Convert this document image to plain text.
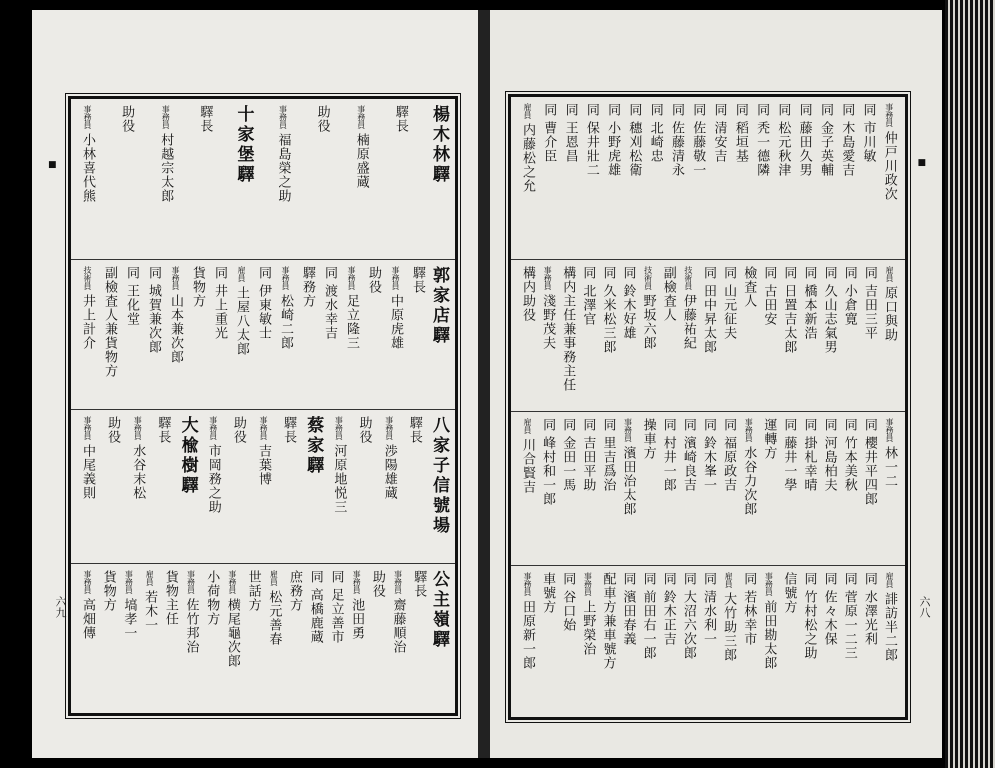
■	楊木林驛
驛長
事務員楠原盛蔵
助役
事務員福島榮之助
十家堡驛
驛長
事務員村越宗太郎
助役
事務員小林喜代熊
郭家店驛
驛長
事務員中原虎雄
助役
事務員足立隆三
同渡水幸吉
驛務方
事務員松崎二郎
同伊東敏士
雇員土屋八太郎
同井上重光
貨物方
事務員山本兼次郎
同城賀兼次郎
同王化堂
副檢査人兼貨物方
技術員井上計介
八家子信號場
驛長
事務員渉陽雄蔵
助役
事務員河原地悦三
蔡家驛
驛長
事務員吉葉博
助役
事務員市岡務之助
大楡樹驛
驛長
事務員水谷末松
助役
事務員中尾義則
公主嶺驛
驛長
事務員齋藤順治
助役
事務員池田勇
同足立善市
同高橋鹿蔵
庶務方
雇員松元善春
世話方
事務員横尾龜次郎
小荷物方
事務員佐竹邦治
貨物主任
雇員若木一
事務員塙孝一
貨物方
事務員高畑傳
六九
■
事務員仲戸川政次
同市川敏
同木島愛吉
同金子英輔
同藤田久男
同松元秋津
同秃一德隣
同稻垣基
同清安吉
同佐藤敬一
同佐藤清永
同北崎忠
同穗刈松衛
同小野虎雄
同保井壯二
同王恩昌
同曹介臣
雇員内藤松之允
雇員原口與助
同吉田三平
同小倉寛
同久山志氣男
同橋本新浩
同日置吉太郎
同古田安
檢査人
同山元征夫
同田中昇太郎
技術員伊藤祐紀
副檢査人
技術員野坂六郎
同鈴木好雄
同久米松三郎
同北澤官
構内主任兼事務主任
事務員淺野茂夫
構内助役
事務員林一二
同櫻井平四郎
同竹本美秋
同河島柏夫
同掛札幸晴
同藤井一學
運轉方
事務員水谷力次郎
同福原政吉
同鈴木峯一
同濱崎良吉
同村井一郎
操車方
事務員濱田治太郎
同里吉爲治
同吉田平助
同金田一馬
同峰村和一郎
雇員川合賢吉
雇員誹訪半二郎
同水澤光利
同菅原一二三
同佐々木保
同竹村松之助
信號方
事務員前田勘太郎
同若林幸市
雇員大竹助三郎
同清水利一
同大沼六次郎
同鈴木正吉
同前田右一郎
同濱田春義
配車方兼車號方
事務員上野榮治
同谷口始
車號方
事務員田原新一郎	六八
